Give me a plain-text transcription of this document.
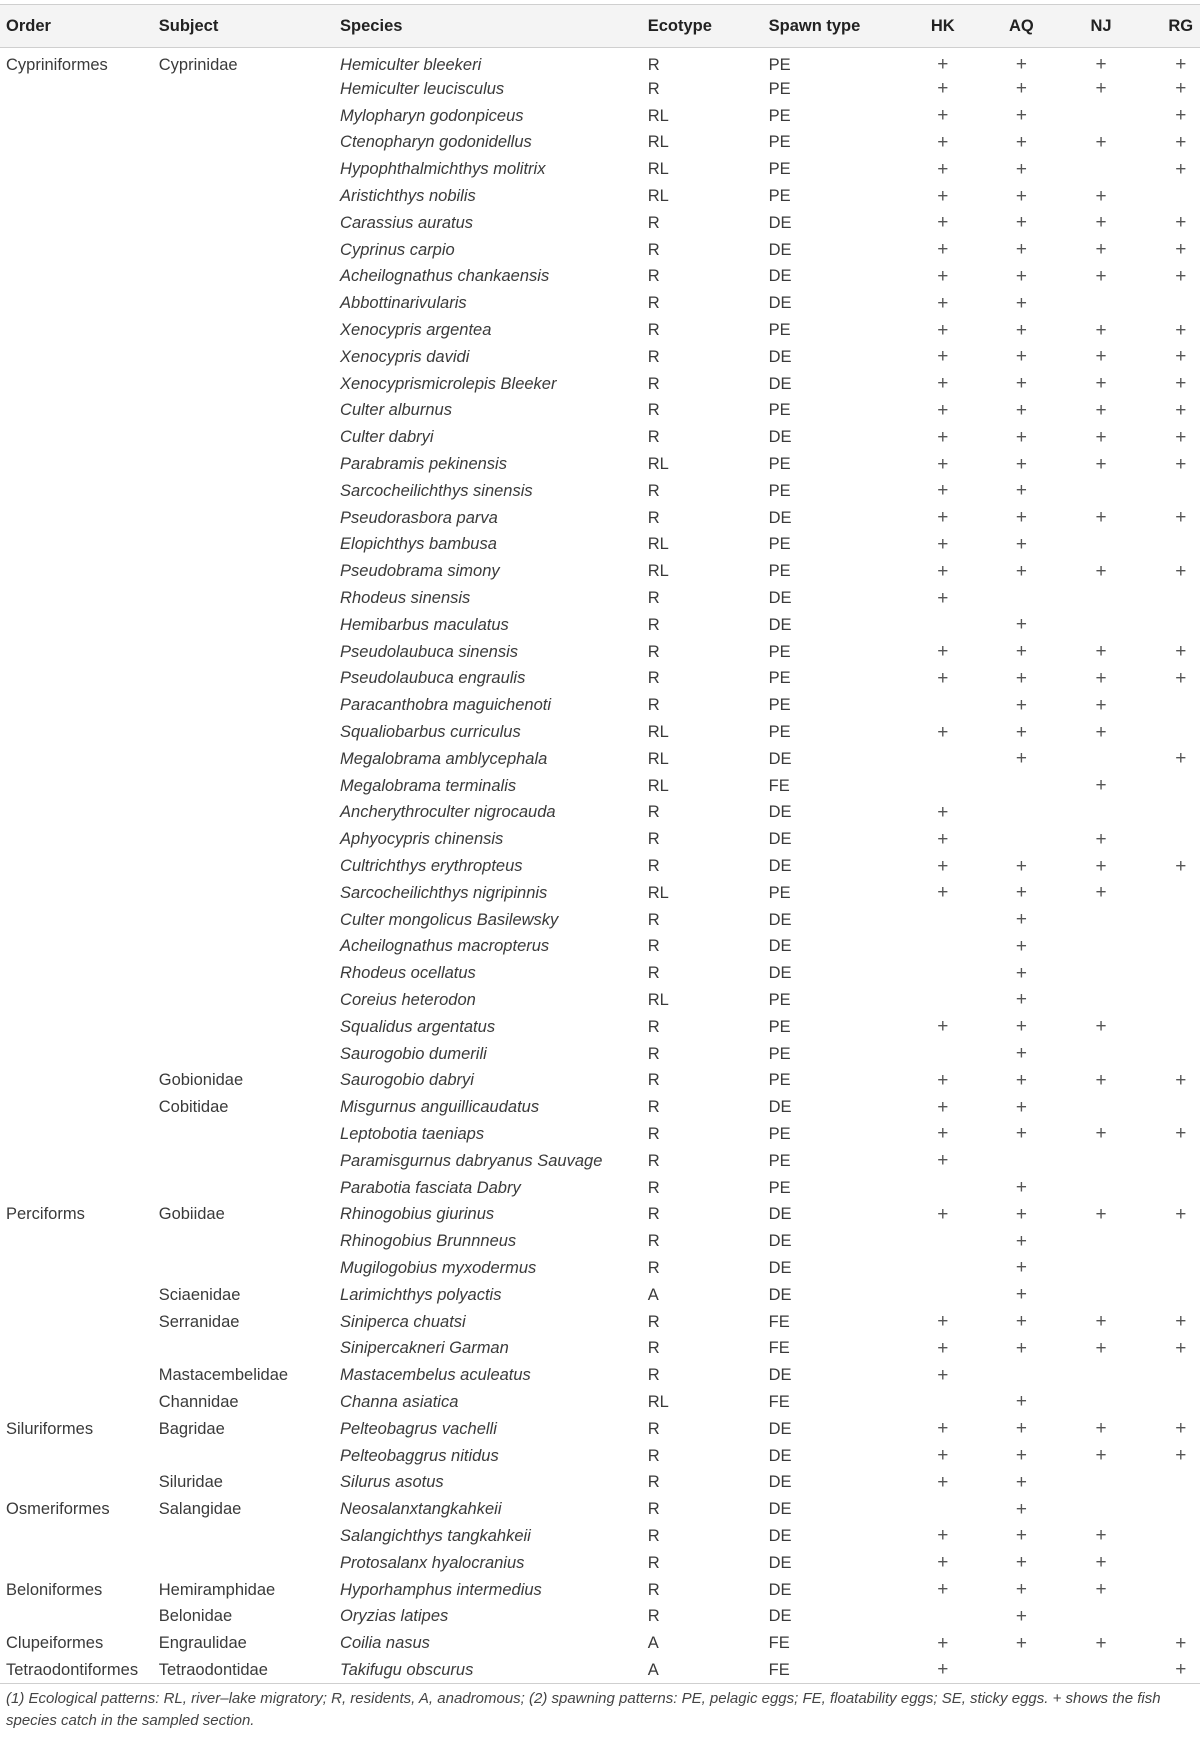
Order	Subject	Species	Ecotype	Spawn type	HK	AQ	NJ	RG
Cypriniformes	Cyprinidae	Hemiculter bleekeri	R	PE	+	+	+	+
		Hemiculter leucisculus	R	PE	+	+	+	+
		Mylopharyn godonpiceus	RL	PE	+	+		+
		Ctenopharyn godonidellus	RL	PE	+	+	+	+
		Hypophthalmichthys molitrix	RL	PE	+	+		+
		Aristichthys nobilis	RL	PE	+	+	+	
		Carassius auratus	R	DE	+	+	+	+
		Cyprinus carpio	R	DE	+	+	+	+
		Acheilognathus chankaensis	R	DE	+	+	+	+
		Abbottinarivularis	R	DE	+	+		
		Xenocypris argentea	R	PE	+	+	+	+
		Xenocypris davidi	R	DE	+	+	+	+
		Xenocyprismicrolepis Bleeker	R	DE	+	+	+	+
		Culter alburnus	R	PE	+	+	+	+
		Culter dabryi	R	DE	+	+	+	+
		Parabramis pekinensis	RL	PE	+	+	+	+
		Sarcocheilichthys sinensis	R	PE	+	+		
		Pseudorasbora parva	R	DE	+	+	+	+
		Elopichthys bambusa	RL	PE	+	+		
		Pseudobrama simony	RL	PE	+	+	+	+
		Rhodeus sinensis	R	DE	+			
		Hemibarbus maculatus	R	DE		+		
		Pseudolaubuca sinensis	R	PE	+	+	+	+
		Pseudolaubuca engraulis	R	PE	+	+	+	+
		Paracanthobra maguichenoti	R	PE		+	+	
		Squaliobarbus curriculus	RL	PE	+	+	+	
		Megalobrama amblycephala	RL	DE		+		+
		Megalobrama terminalis	RL	FE			+	
		Ancherythroculter nigrocauda	R	DE	+			
		Aphyocypris chinensis	R	DE	+		+	
		Cultrichthys erythropteus	R	DE	+	+	+	+
		Sarcocheilichthys nigripinnis	RL	PE	+	+	+	
		Culter mongolicus Basilewsky	R	DE		+		
		Acheilognathus macropterus	R	DE		+		
		Rhodeus ocellatus	R	DE		+		
		Coreius heterodon	RL	PE		+		
		Squalidus argentatus	R	PE	+	+	+	
		Saurogobio dumerili	R	PE		+		
	Gobionidae	Saurogobio dabryi	R	PE	+	+	+	+
	Cobitidae	Misgurnus anguillicaudatus	R	DE	+	+		
		Leptobotia taeniaps	R	PE	+	+	+	+
		Paramisgurnus dabryanus Sauvage	R	PE	+			
		Parabotia fasciata Dabry	R	PE		+		
Perciforms	Gobiidae	Rhinogobius giurinus	R	DE	+	+	+	+
		Rhinogobius Brunnneus	R	DE		+		
		Mugilogobius myxodermus	R	DE		+		
	Sciaenidae	Larimichthys polyactis	A	DE		+		
	Serranidae	Siniperca chuatsi	R	FE	+	+	+	+
		Sinipercakneri Garman	R	FE	+	+	+	+
	Mastacembelidae	Mastacembelus aculeatus	R	DE	+			
	Channidae	Channa asiatica	RL	FE		+		
Siluriformes	Bagridae	Pelteobagrus vachelli	R	DE	+	+	+	+
		Pelteobaggrus nitidus	R	DE	+	+	+	+
	Siluridae	Silurus asotus	R	DE	+	+		
Osmeriformes	Salangidae	Neosalanxtangkahkeii	R	DE		+		
		Salangichthys tangkahkeii	R	DE	+	+	+	
		Protosalanx hyalocranius	R	DE	+	+	+	
Beloniformes	Hemiramphidae	Hyporhamphus intermedius	R	DE	+	+	+	
	Belonidae	Oryzias latipes	R	DE		+		
Clupeiformes	Engraulidae	Coilia nasus	A	FE	+	+	+	+
Tetraodontiformes	Tetraodontidae	Takifugu obscurus	A	FE	+			+
(1) Ecological patterns: RL, river–lake migratory; R, residents, A, anadromous; (2) spawning patterns: PE, pelagic eggs; FE, floatability eggs; SE, sticky eggs. + shows the fish species catch in the sampled section.
